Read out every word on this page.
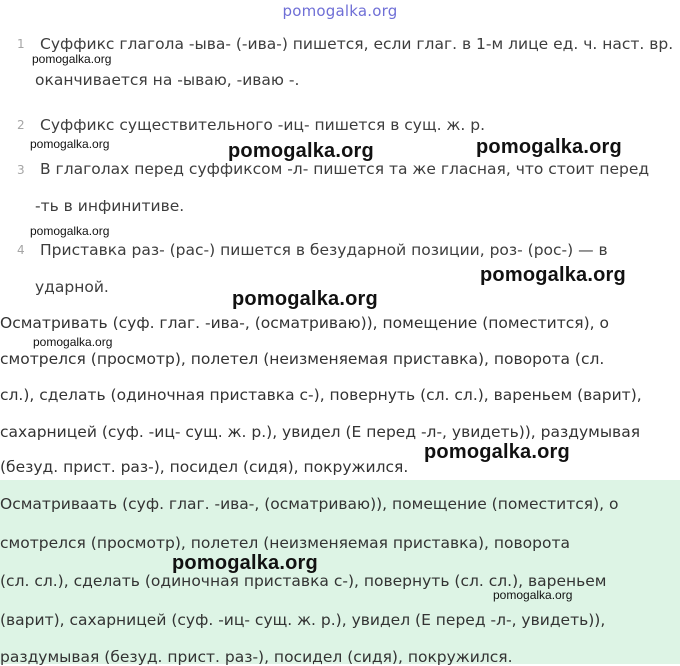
pomogalka.org
1 Суффикс глагола -ыва- (-ива-) пишется, если глаг. в 1-м лице ед. ч. наст. вр.
оканчивается на -ываю, -иваю -.
2 Суффикс существительного -иц- пишется в сущ. ж. р.
3 В глаголах перед суффиксом -л- пишется та же гласная, что стоит перед
-ть в инфинитиве.
4 Приставка раз- (рас-) пишется в безударной позиции, роз- (рос-) — в
ударной.
Осматривать (суф. глаг. -ива-, (осматриваю)), помещение (поместится), о
смотрелся (просмотр), полетел (неизменяемая приставка), поворота (сл.
сл.), сделать (одиночная приставка с-), повернуть (сл. сл.), вареньем (варит),
сахарницей (суф. -иц- сущ. ж. р.), увидел (Е перед -л-, увидеть)), раздумывая
(безуд. прист. раз-), посидел (сидя), покружился.
Осматриваать (суф. глаг. -ива-, (осматриваю)), помещение (поместится), о
смотрелся (просмотр), полетел (неизменяемая приставка), поворота
(сл. сл.), сделать (одиночная приставка с-), повернуть (сл. сл.), вареньем
(варит), сахарницей (суф. -иц- сущ. ж. р.), увидел (Е перед -л-, увидеть)),
раздумывая (безуд. прист. раз-), посидел (сидя), покружился.
pomogalka.org
pomogalka.org
pomogalka.org
pomogalka.org
pomogalka.org
pomogalka.org	pomogalka.org
pomogalka.org
pomogalka.org
pomogalka.org
pomogalka.org
